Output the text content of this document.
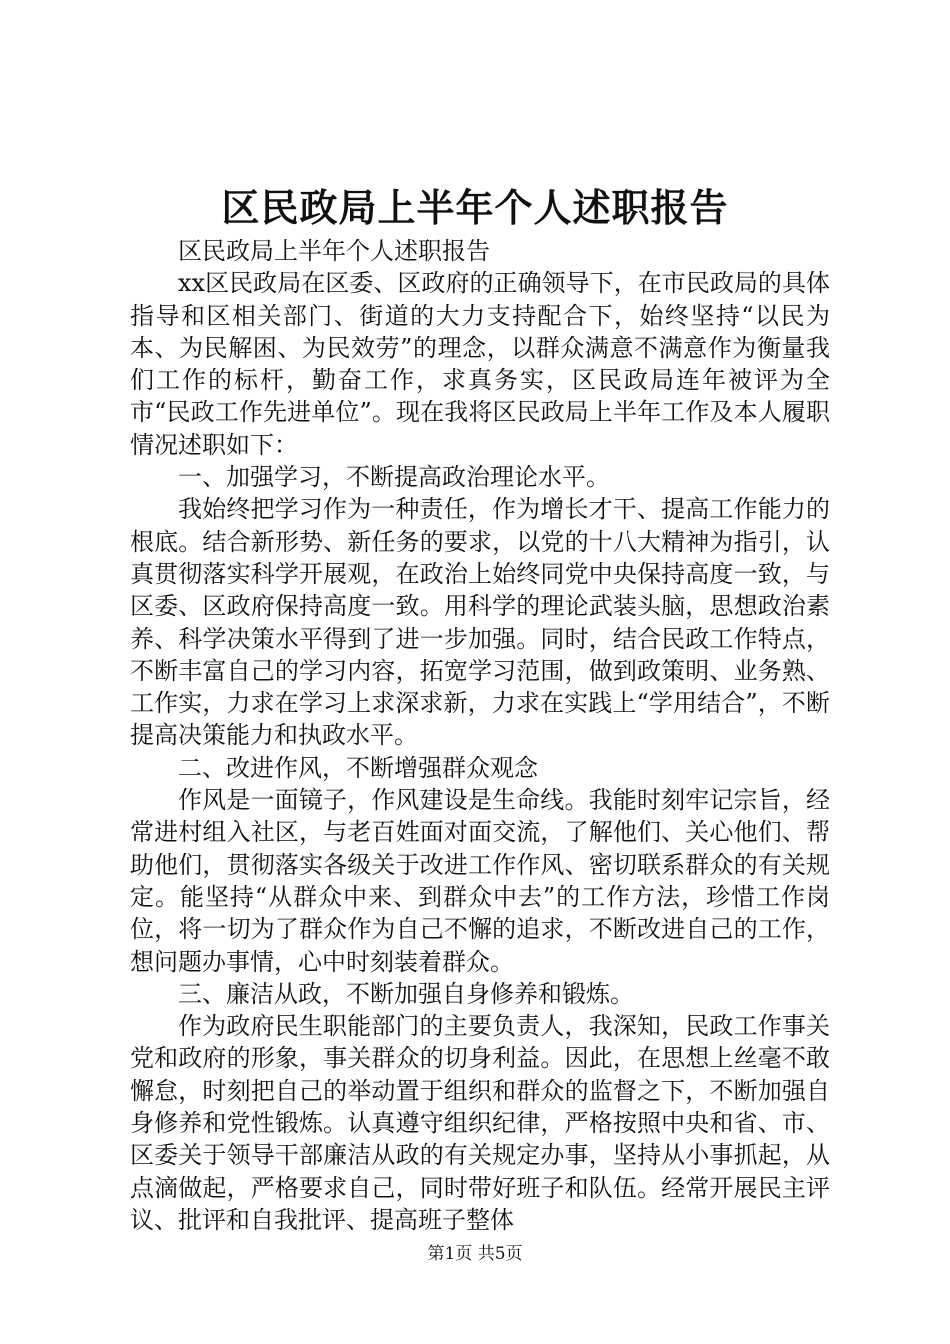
区民政局上半年个人述职报告

区民政局上半年个人述职报告

xx区民政局在区委、区政府的正确领导下，在市民政局的具体指导和区相关部门、街道的大力支持配合下，始终坚持“以民为本、为民解困、为民效劳”的理念，以群众满意不满意作为衡量我们工作的标杆，勤奋工作，求真务实，区民政局连年被评为全市“民政工作先进单位”。现在我将区民政局上半年工作及本人履职情况述职如下：

一、加强学习，不断提高政治理论水平。

我始终把学习作为一种责任，作为增长才干、提高工作能力的根底。结合新形势、新任务的要求，以党的十八大精神为指引，认真贯彻落实科学开展观，在政治上始终同党中央保持高度一致，与区委、区政府保持高度一致。用科学的理论武装头脑，思想政治素养、科学决策水平得到了进一步加强。同时，结合民政工作特点，不断丰富自己的学习内容，拓宽学习范围，做到政策明、业务熟、工作实，力求在学习上求深求新，力求在实践上“学用结合”，不断提高决策能力和执政水平。

二、改进作风，不断增强群众观念

作风是一面镜子，作风建设是生命线。我能时刻牢记宗旨，经常进村组入社区，与老百姓面对面交流，了解他们、关心他们、帮助他们，贯彻落实各级关于改进工作作风、密切联系群众的有关规定。能坚持“从群众中来、到群众中去”的工作方法，珍惜工作岗位，将一切为了群众作为自己不懈的追求，不断改进自己的工作，想问题办事情，心中时刻装着群众。

三、廉洁从政，不断加强自身修养和锻炼。

作为政府民生职能部门的主要负责人，我深知，民政工作事关党和政府的形象，事关群众的切身利益。因此，在思想上丝毫不敢懈怠，时刻把自己的举动置于组织和群众的监督之下，不断加强自身修养和党性锻炼。认真遵守组织纪律，严格按照中央和省、市、区委关于领导干部廉洁从政的有关规定办事，坚持从小事抓起，从点滴做起，严格要求自己，同时带好班子和队伍。经常开展民主评议、批评和自我批评、提高班子整体

第1页 共5页
